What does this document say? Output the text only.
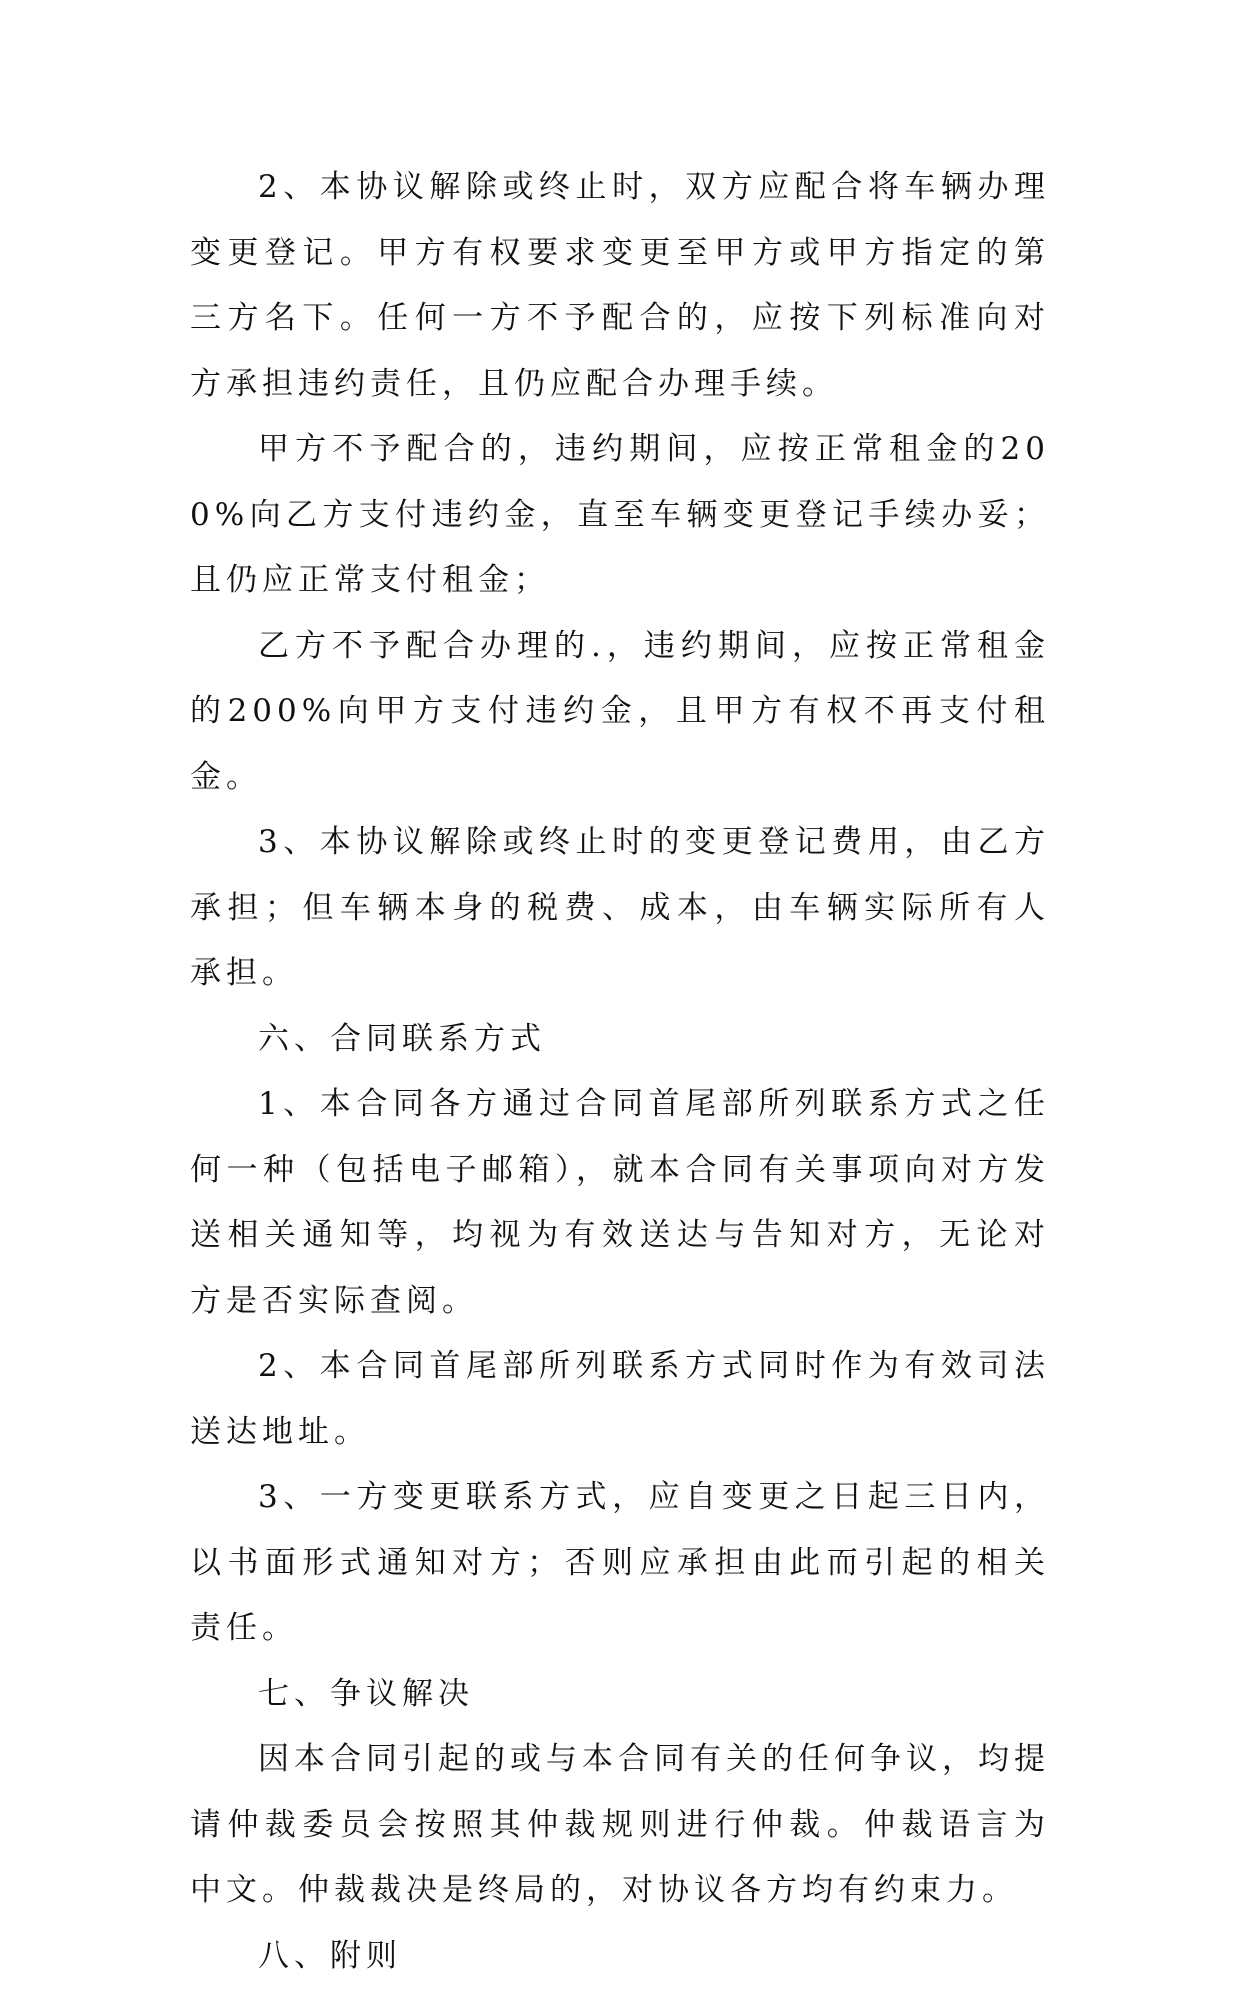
2、本协议解除或终止时，双方应配合将车辆办理变更登记。甲方有权要求变更至甲方或甲方指定的第三方名下。任何一方不予配合的，应按下列标准向对方承担违约责任，且仍应配合办理手续。

甲方不予配合的，违约期间，应按正常租金的200%向乙方支付违约金，直至车辆变更登记手续办妥；且仍应正常支付租金；

乙方不予配合办理的.，违约期间，应按正常租金的200%向甲方支付违约金，且甲方有权不再支付租金。

3、本协议解除或终止时的变更登记费用，由乙方承担；但车辆本身的税费、成本，由车辆实际所有人承担。

六、合同联系方式

1、本合同各方通过合同首尾部所列联系方式之任何一种（包括电子邮箱），就本合同有关事项向对方发送相关通知等，均视为有效送达与告知对方，无论对方是否实际查阅。

2、本合同首尾部所列联系方式同时作为有效司法送达地址。

3、一方变更联系方式，应自变更之日起三日内，以书面形式通知对方；否则应承担由此而引起的相关责任。

七、争议解决

因本合同引起的或与本合同有关的任何争议，均提请仲裁委员会按照其仲裁规则进行仲裁。仲裁语言为中文。仲裁裁决是终局的，对协议各方均有约束力。

八、附则
